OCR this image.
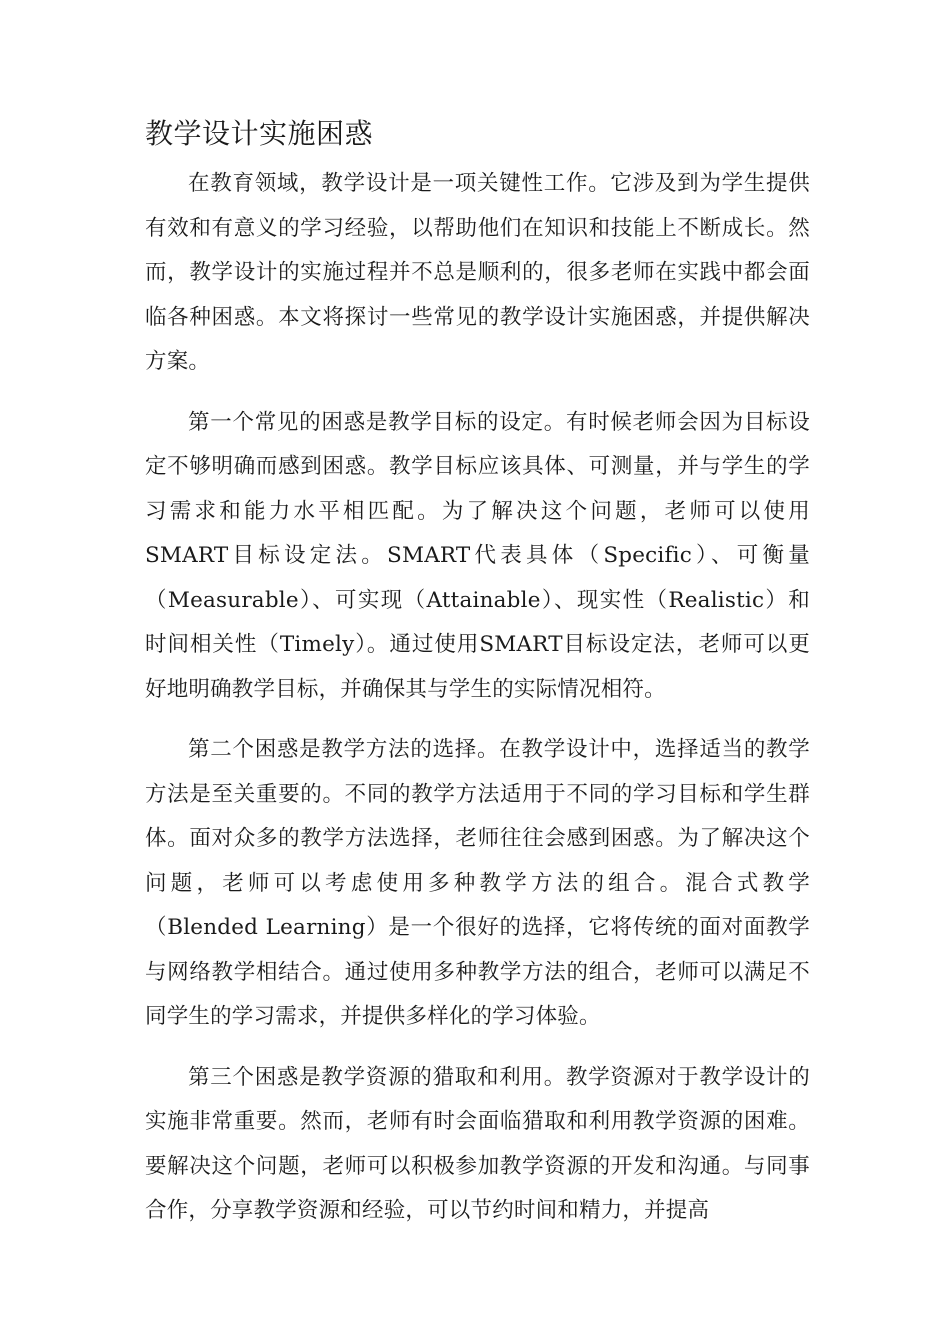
教学设计实施困惑

在教育领域，教学设计是一项关键性工作。它涉及到为学生提供有效和有意义的学习经验，以帮助他们在知识和技能上不断成长。然而，教学设计的实施过程并不总是顺利的，很多老师在实践中都会面临各种困惑。本文将探讨一些常见的教学设计实施困惑，并提供解决方案。

第一个常见的困惑是教学目标的设定。有时候老师会因为目标设定不够明确而感到困惑。教学目标应该具体、可测量，并与学生的学习需求和能力水平相匹配。为了解决这个问题，老师可以使用SMART目标设定法。SMART代表具体（Specific）、可衡量（Measurable）、可实现（Attainable）、现实性（Realistic）和时间相关性（Timely）。通过使用SMART目标设定法，老师可以更好地明确教学目标，并确保其与学生的实际情况相符。

第二个困惑是教学方法的选择。在教学设计中，选择适当的教学方法是至关重要的。不同的教学方法适用于不同的学习目标和学生群体。面对众多的教学方法选择，老师往往会感到困惑。为了解决这个问题，老师可以考虑使用多种教学方法的组合。混合式教学（Blended Learning）是一个很好的选择，它将传统的面对面教学与网络教学相结合。通过使用多种教学方法的组合，老师可以满足不同学生的学习需求，并提供多样化的学习体验。

第三个困惑是教学资源的猎取和利用。教学资源对于教学设计的实施非常重要。然而，老师有时会面临猎取和利用教学资源的困难。要解决这个问题，老师可以积极参加教学资源的开发和沟通。与同事合作，分享教学资源和经验，可以节约时间和精力，并提高
